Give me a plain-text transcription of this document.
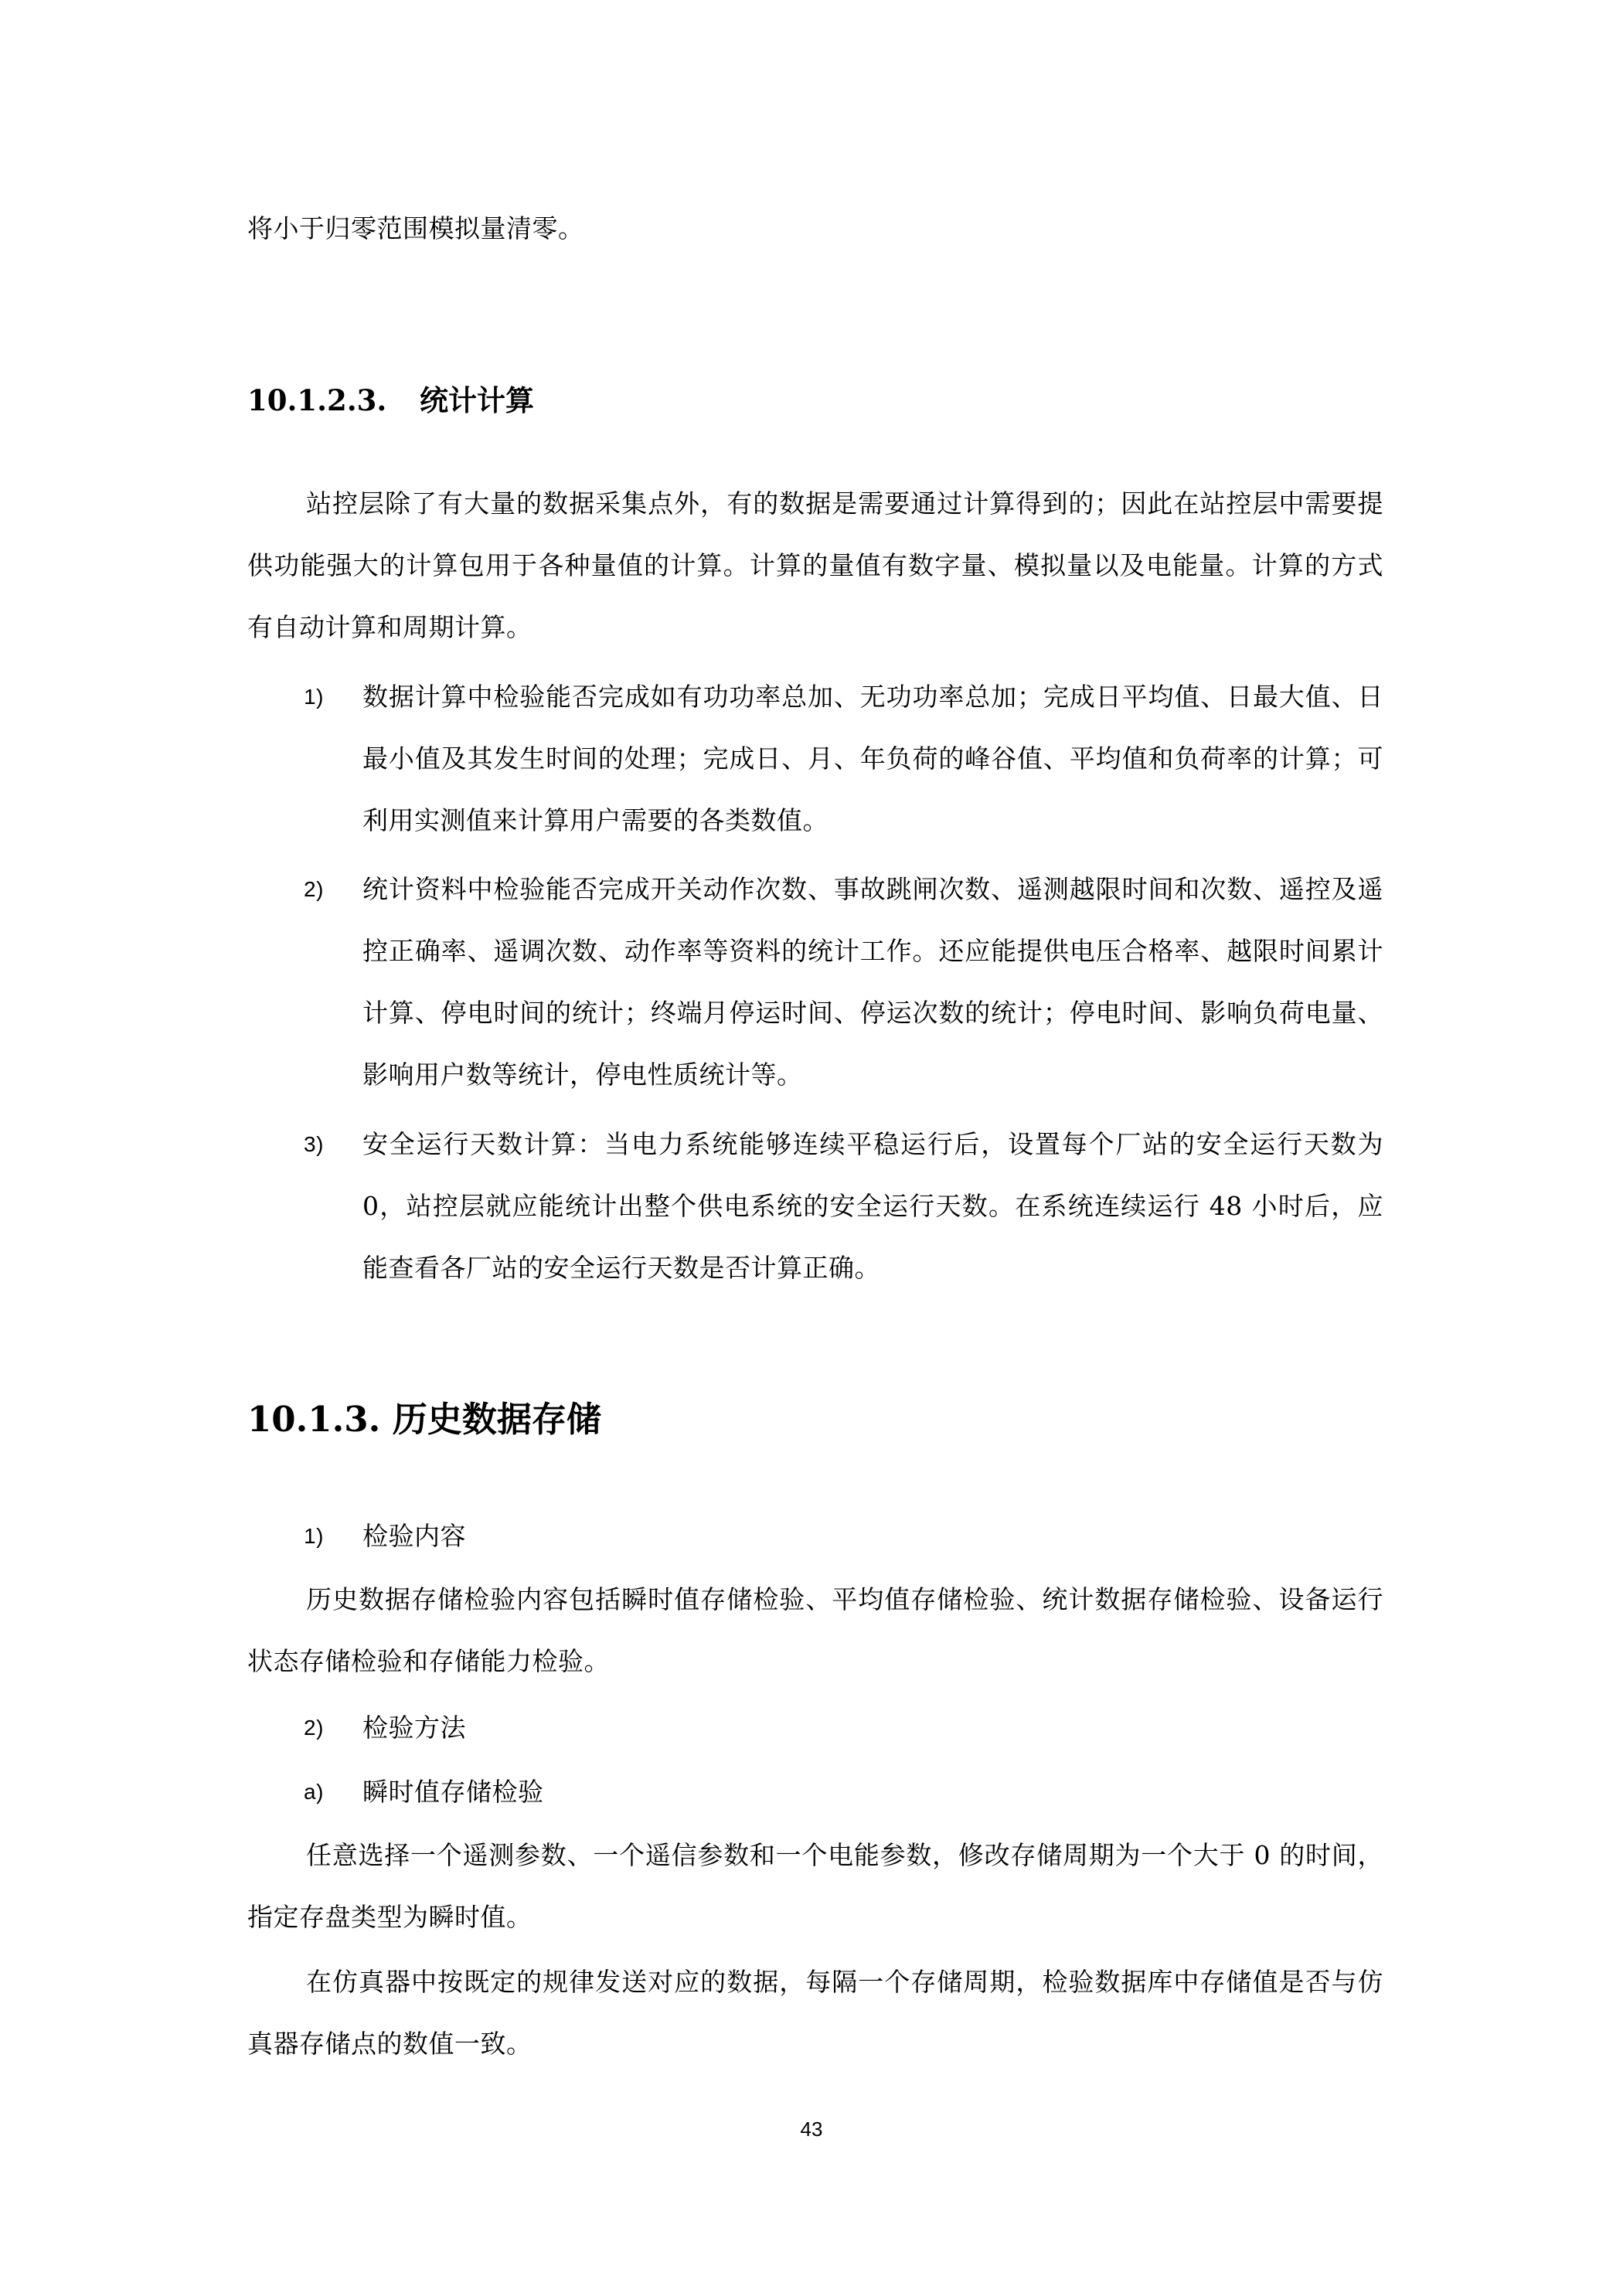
将小于归零范围模拟量清零。

10.1.2.3. 统计计算

站控层除了有大量的数据采集点外，有的数据是需要通过计算得到的；因此在站控层中需要提供功能强大的计算包用于各种量值的计算。计算的量值有数字量、模拟量以及电能量。计算的方式有自动计算和周期计算。

1) 数据计算中检验能否完成如有功功率总加、无功功率总加；完成日平均值、日最大值、日最小值及其发生时间的处理；完成日、月、年负荷的峰谷值、平均值和负荷率的计算；可利用实测值来计算用户需要的各类数值。
2) 统计资料中检验能否完成开关动作次数、事故跳闸次数、遥测越限时间和次数、遥控及遥控正确率、遥调次数、动作率等资料的统计工作。还应能提供电压合格率、越限时间累计计算、停电时间的统计；终端月停运时间、停运次数的统计；停电时间、影响负荷电量、影响用户数等统计，停电性质统计等。
3) 安全运行天数计算：当电力系统能够连续平稳运行后，设置每个厂站的安全运行天数为 0，站控层就应能统计出整个供电系统的安全运行天数。在系统连续运行 48 小时后，应能查看各厂站的安全运行天数是否计算正确。
10.1.3. 历史数据存储
1) 检验内容

历史数据存储检验内容包括瞬时值存储检验、平均值存储检验、统计数据存储检验、设备运行状态存储检验和存储能力检验。

2) 检验方法
a) 瞬时值存储检验

任意选择一个遥测参数、一个遥信参数和一个电能参数，修改存储周期为一个大于 0 的时间，指定存盘类型为瞬时值。

在仿真器中按既定的规律发送对应的数据，每隔一个存储周期，检验数据库中存储值是否与仿真器存储点的数值一致。

43
